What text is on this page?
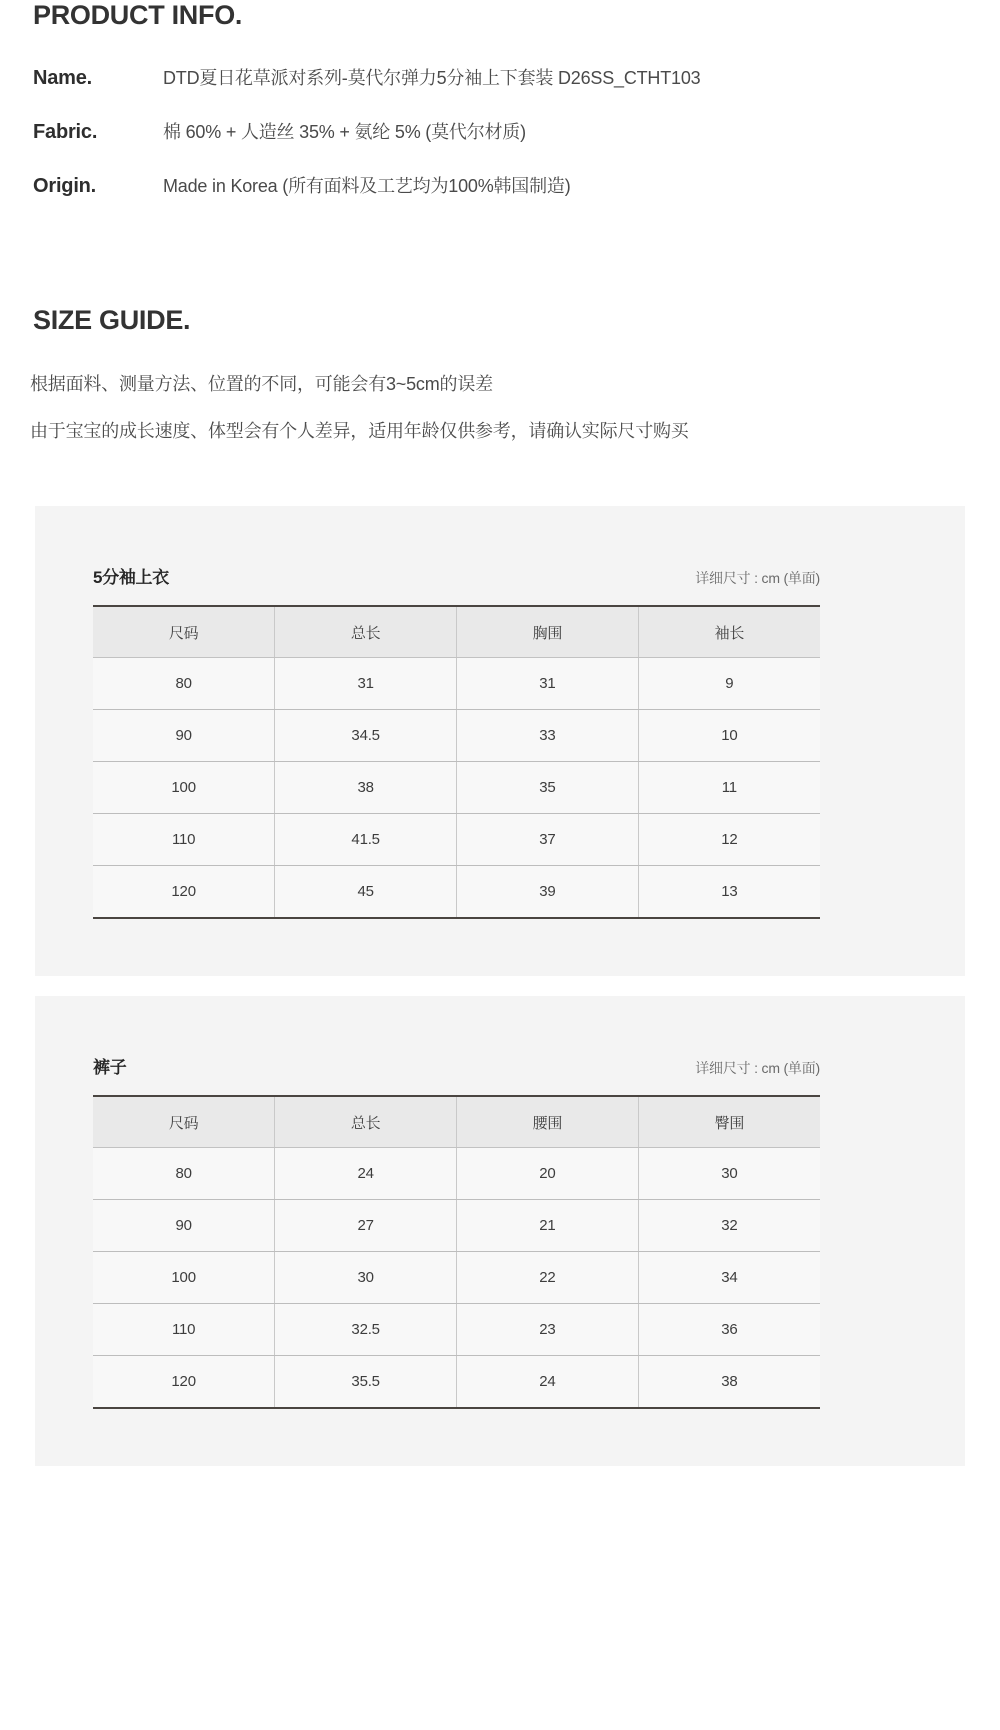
PRODUCT INFO.
Name.	DTD夏日花草派对系列-莫代尔弹力5分袖上下套装 D26SS_CTHT103
Fabric.	棉 60% + 人造丝 35% + 氨纶 5% (莫代尔材质)
Origin.	Made in Korea (所有面料及工艺均为100%韩国制造)
SIZE GUIDE.
根据面料、测量方法、位置的不同，可能会有3~5cm的误差
由于宝宝的成长速度、体型会有个人差异，适用年龄仅供参考，请确认实际尺寸购买
5分袖上衣	详细尺寸 : cm (单面)
尺码	总长	胸围	袖长
80	31	31	9
90	34.5	33	10
100	38	35	11
110	41.5	37	12
120	45	39	13
裤子	详细尺寸 : cm (单面)
尺码	总长	腰围	臀围
80	24	20	30
90	27	21	32
100	30	22	34
110	32.5	23	36
120	35.5	24	38
